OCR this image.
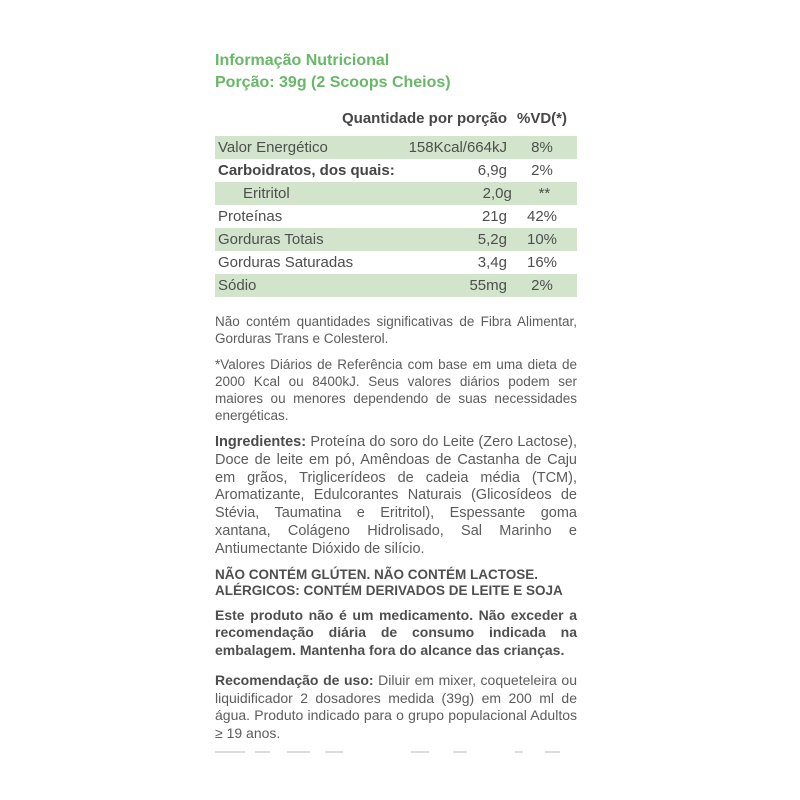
Informação Nutricional
Porção: 39g (2 Scoops Cheios)
Quantidade por porção %VD(*)
Valor Energético	158Kcal/664kJ	8%
Carboidratos, dos quais:	6,9g	2%
Eritritol	2,0g	**
Proteínas	21g	42%
Gorduras Totais	5,2g	10%
Gorduras Saturadas	3,4g	16%
Sódio	55mg	2%

Não contém quantidades significativas de Fibra Alimentar, Gorduras Trans e Colesterol.

*Valores Diários de Referência com base em uma dieta de 2000 Kcal ou 8400kJ. Seus valores diários podem ser maiores ou menores dependendo de suas necessidades energéticas.

Ingredientes: Proteína do soro do Leite (Zero Lactose), Doce de leite em pó, Amêndoas de Castanha de Caju em grãos, Triglicerídeos de cadeia média (TCM), Aromatizante, Edulcorantes Naturais (Glicosídeos de Stévia, Taumatina e Eritritol), Espessante goma xantana, Colágeno Hidrolisado, Sal Marinho e Antiumectante Dióxido de silício.
NÃO CONTÉM GLÚTEN. NÃO CONTÉM LACTOSE.
ALÉRGICOS: CONTÉM DERIVADOS DE LEITE E SOJA
Este produto não é um medicamento. Não exceder a recomendação diária de consumo indicada na embalagem. Mantenha fora do alcance das crianças.
Recomendação de uso: Diluir em mixer, coqueteleira ou liquidificador 2 dosadores medida (39g) em 200 ml de água. Produto indicado para o grupo populacional Adultos ≥ 19 anos.
